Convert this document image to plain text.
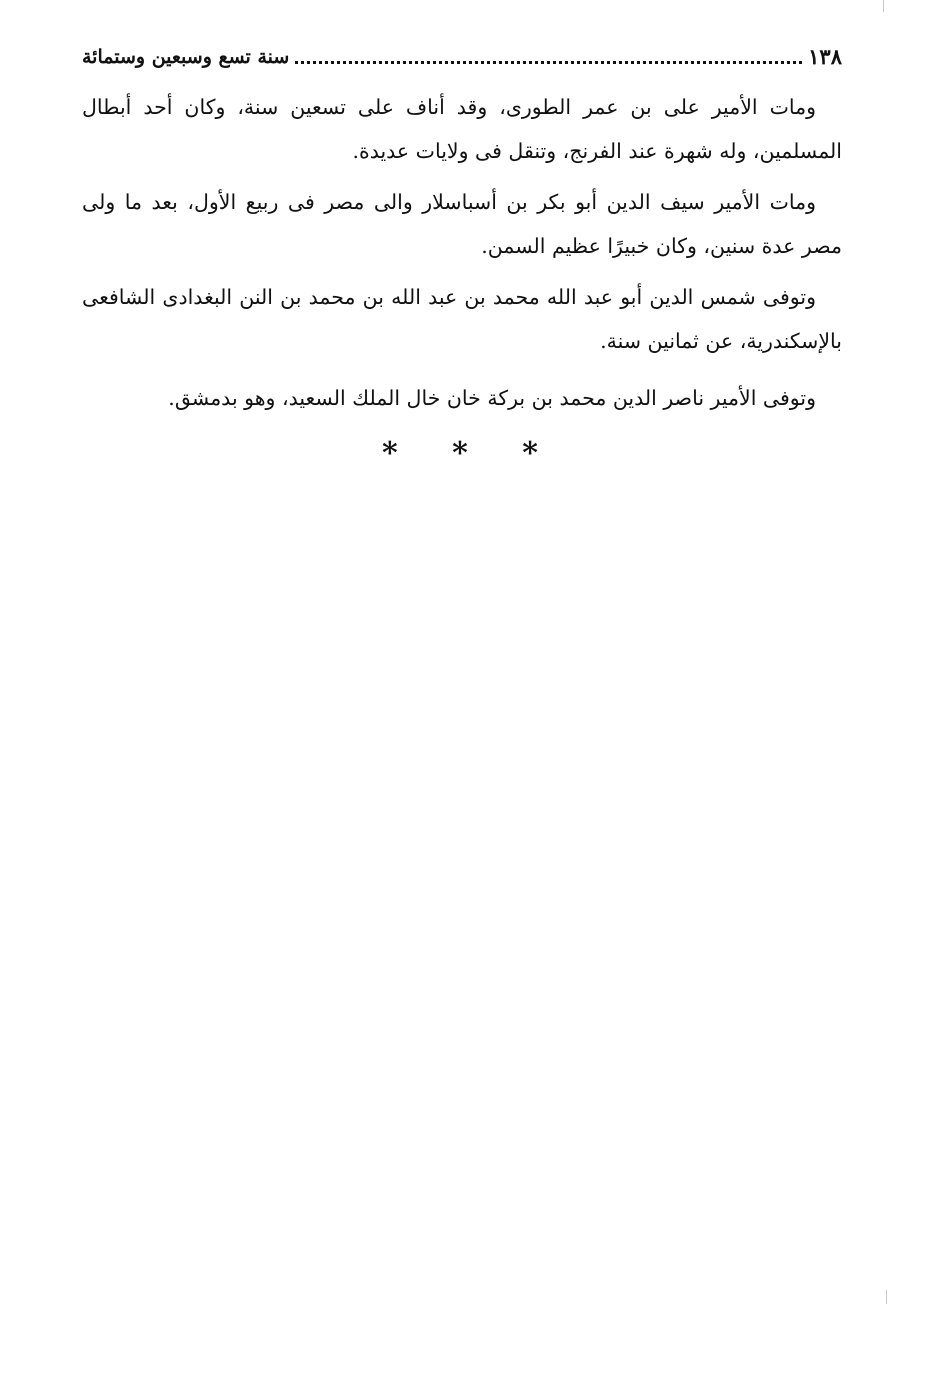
١٣٨
سنة تسع وسبعين وستمائة

ومات الأمير على بن عمر الطورى، وقد أناف على تسعين سنة، وكان أحد أبطال المسلمين، وله شهرة عند الفرنج، وتنقل فى ولايات عديدة.

ومات الأمير سيف الدين أبو بكر بن أسباسلار والى مصر فى ربيع الأول، بعد ما ولى مصر عدة سنين، وكان خبيرًا عظيم السمن.

وتوفى شمس الدين أبو عبد الله محمد بن عبد الله بن محمد بن النن البغدادى الشافعى بالإسكندرية، عن ثمانين سنة.

وتوفى الأمير ناصر الدين محمد بن بركة خان خال الملك السعيد، وهو بدمشق.

* * *
